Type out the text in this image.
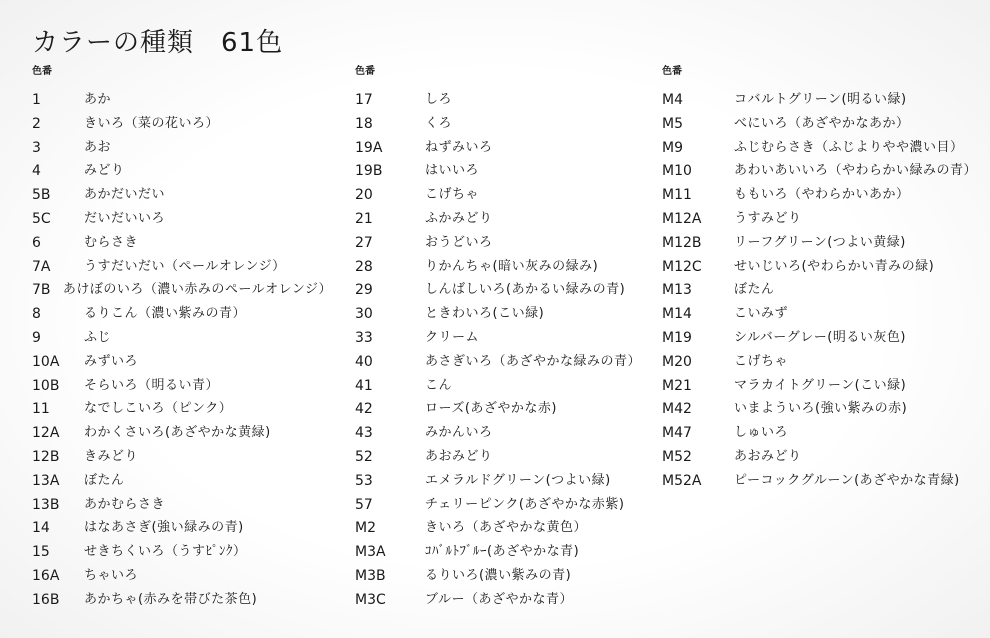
カラーの種類　61色
色番
1	あか
2	きいろ（菜の花いろ）
3	あお
4	みどり
5B	あかだいだい
5C	だいだいいろ
6	むらさき
7A	うすだいだい（ペールオレンジ）
7B あけぼのいろ（濃い赤みのペールオレンジ）
8	るりこん（濃い紫みの青）
9	ふじ
10A	みずいろ
10B	そらいろ（明るい青）
11	なでしこいろ（ピンク）
12A	わかくさいろ(あざやかな黄緑)
12B	きみどり
13A	ぼたん
13B	あかむらさき
14	はなあさぎ(強い緑みの青)
15	せきちくいろ（うすﾋﾟﾝｸ）
16A	ちゃいろ
16B	あかちゃ(赤みを帯びた茶色)
色番
17	しろ
18	くろ
19A	ねずみいろ
19B	はいいろ
20	こげちゃ
21	ふかみどり
27	おうどいろ
28	りかんちゃ(暗い灰みの緑み)
29	しんばしいろ(あかるい緑みの青)
30	ときわいろ(こい緑)
33	クリーム
40	あさぎいろ（あざやかな緑みの青）
41	こん
42	ローズ(あざやかな赤)
43	みかんいろ
52	あおみどり
53	エメラルドグリーン(つよい緑)
57	チェリーピンク(あざやかな赤紫)
M2	きいろ（あざやかな黄色）
M3A	ｺﾊﾞﾙﾄﾌﾞﾙｰ(あざやかな青)
M3B	るりいろ(濃い紫みの青)
M3C	ブルー（あざやかな青）
色番
M4	コバルトグリーン(明るい緑)
M5	べにいろ（あざやかなあか）
M9	ふじむらさき（ふじよりやや濃い目）
M10	あわいあいいろ（やわらかい緑みの青）
M11	ももいろ（やわらかいあか）
M12A	うすみどり
M12B	リーフグリーン(つよい黄緑)
M12C	せいじいろ(やわらかい青みの緑)
M13	ぼたん
M14	こいみず
M19	シルバーグレー(明るい灰色)
M20	こげちゃ
M21	マラカイトグリーン(こい緑)
M42	いまよういろ(強い紫みの赤)
M47	しゅいろ
M52	あおみどり
M52A	ピーコックグルーン(あざやかな青緑)
